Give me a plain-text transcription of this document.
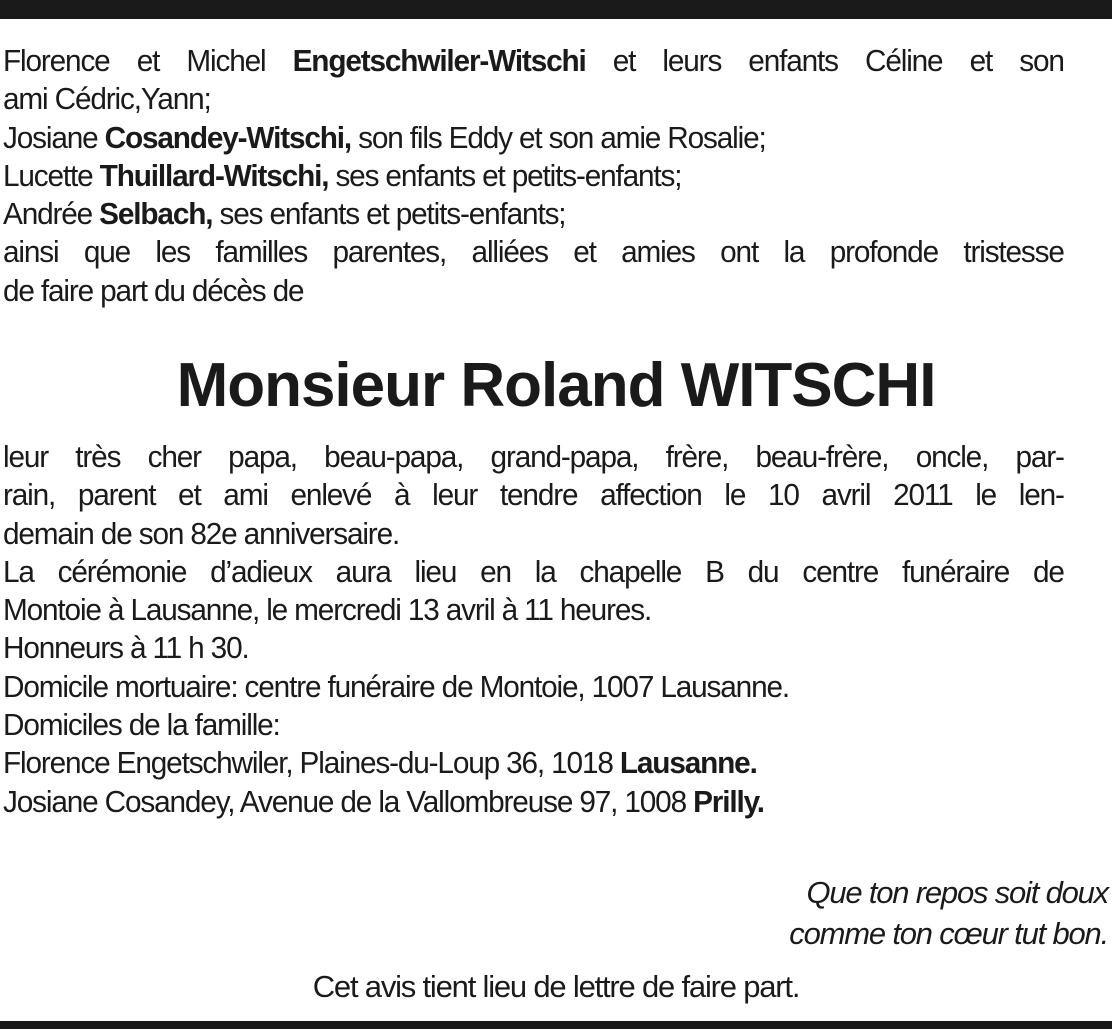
Florence et Michel Engetschwiler-Witschi et leurs enfants Céline et son
ami Cédric,Yann;
Josiane Cosandey-Witschi, son fils Eddy et son amie Rosalie;
Lucette Thuillard-Witschi, ses enfants et petits-enfants;
Andrée Selbach, ses enfants et petits-enfants;
ainsi que les familles parentes, alliées et amies ont la profonde tristesse
de faire part du décès de
Monsieur Roland WITSCHI
leur très cher papa, beau-papa, grand-papa, frère, beau-frère, oncle, par-
rain, parent et ami enlevé à leur tendre affection le 10 avril 2011 le len-
demain de son 82e anniversaire.
La cérémonie d’adieux aura lieu en la chapelle B du centre funéraire de
Montoie à Lausanne, le mercredi 13 avril à 11 heures.
Honneurs à 11 h 30.
Domicile mortuaire: centre funéraire de Montoie, 1007 Lausanne.
Domiciles de la famille:
Florence Engetschwiler, Plaines-du-Loup 36, 1018 Lausanne.
Josiane Cosandey, Avenue de la Vallombreuse 97, 1008 Prilly.
Que ton repos soit doux
comme ton cœur tut bon.
Cet avis tient lieu de lettre de faire part.
